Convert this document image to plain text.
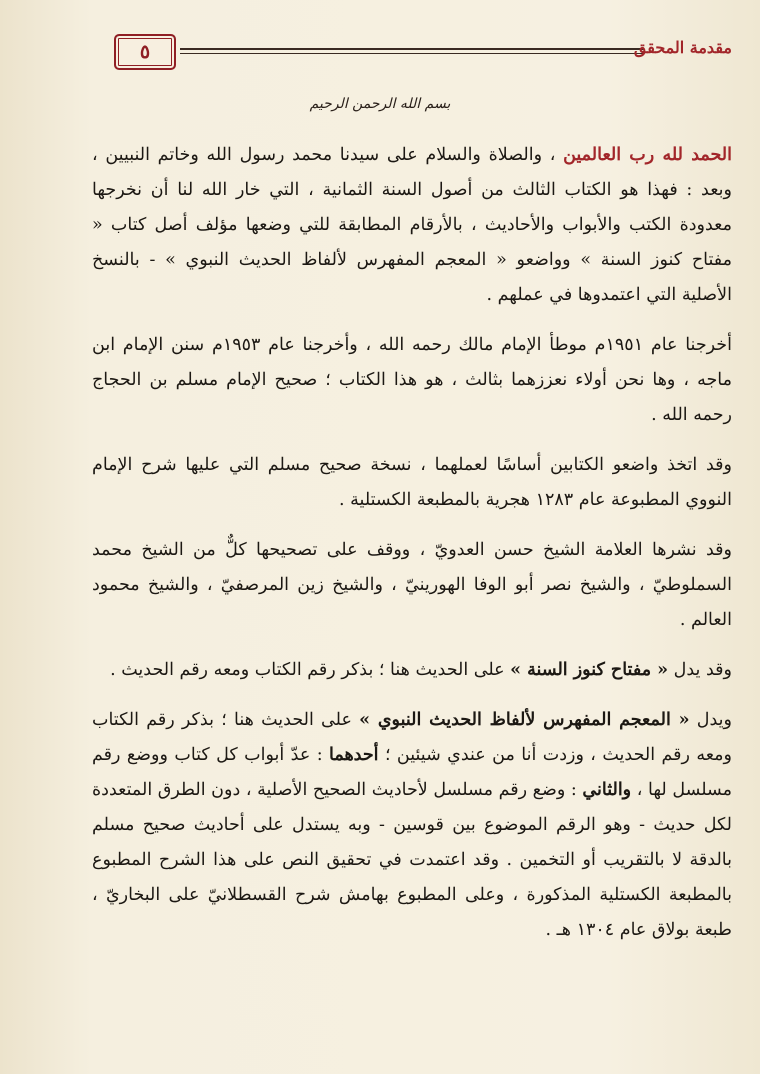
٥	مقدمة المحقق
بسم الله الرحمن الرحيم

الحمد لله رب العالمين ، والصلاة والسلام على سيدنا محمد رسول الله وخاتم النبيين ، وبعد : فهذا هو الكتاب الثالث من أصول السنة الثمانية ، التي خار الله لنا أن نخرجها معدودة الكتب والأبواب والأحاديث ، بالأرقام المطابقة للتي وضعها مؤلف أصل كتاب « مفتاح كنوز السنة » وواضعو « المعجم المفهرس لألفاظ الحديث النبوي » - بالنسخ الأصلية التي اعتمدوها في عملهم .

أخرجنا عام ١٩٥١م موطأ الإمام مالك رحمه الله ، وأخرجنا عام ١٩٥٣م سنن الإمام ابن ماجه ، وها نحن أولاء نعززهما بثالث ، هو هذا الكتاب ؛ صحيح الإمام مسلم بن الحجاج رحمه الله .

وقد اتخذ واضعو الكتابين أساسًا لعملهما ، نسخة صحيح مسلم التي عليها شرح الإمام النووي المطبوعة عام ١٢٨٣ هجرية بالمطبعة الكستلية .

وقد نشرها العلامة الشيخ حسن العدويّ ، ووقف على تصحيحها كلٌّ من الشيخ محمد السملوطيّ ، والشيخ نصر أبو الوفا الهورينيّ ، والشيخ زين المرصفيّ ، والشيخ محمود العالم .

وقد يدل « مفتاح كنوز السنة » على الحديث هنا ؛ بذكر رقم الكتاب ومعه رقم الحديث .

ويدل « المعجم المفهرس لألفاظ الحديث النبوي » على الحديث هنا ؛ بذكر رقم الكتاب ومعه رقم الحديث ، وزدت أنا من عندي شيئين ؛ أحدهما : عدّ أبواب كل كتاب ووضع رقم مسلسل لها ، والثاني : وضع رقم مسلسل لأحاديث الصحيح الأصلية ، دون الطرق المتعددة لكل حديث - وهو الرقم الموضوع بين قوسين - وبه يستدل على أحاديث صحيح مسلم بالدقة لا بالتقريب أو التخمين . وقد اعتمدت في تحقيق النص على هذا الشرح المطبوع بالمطبعة الكستلية المذكورة ، وعلى المطبوع بهامش شرح القسطلانيّ على البخاريّ ، طبعة بولاق عام ١٣٠٤ هـ .
